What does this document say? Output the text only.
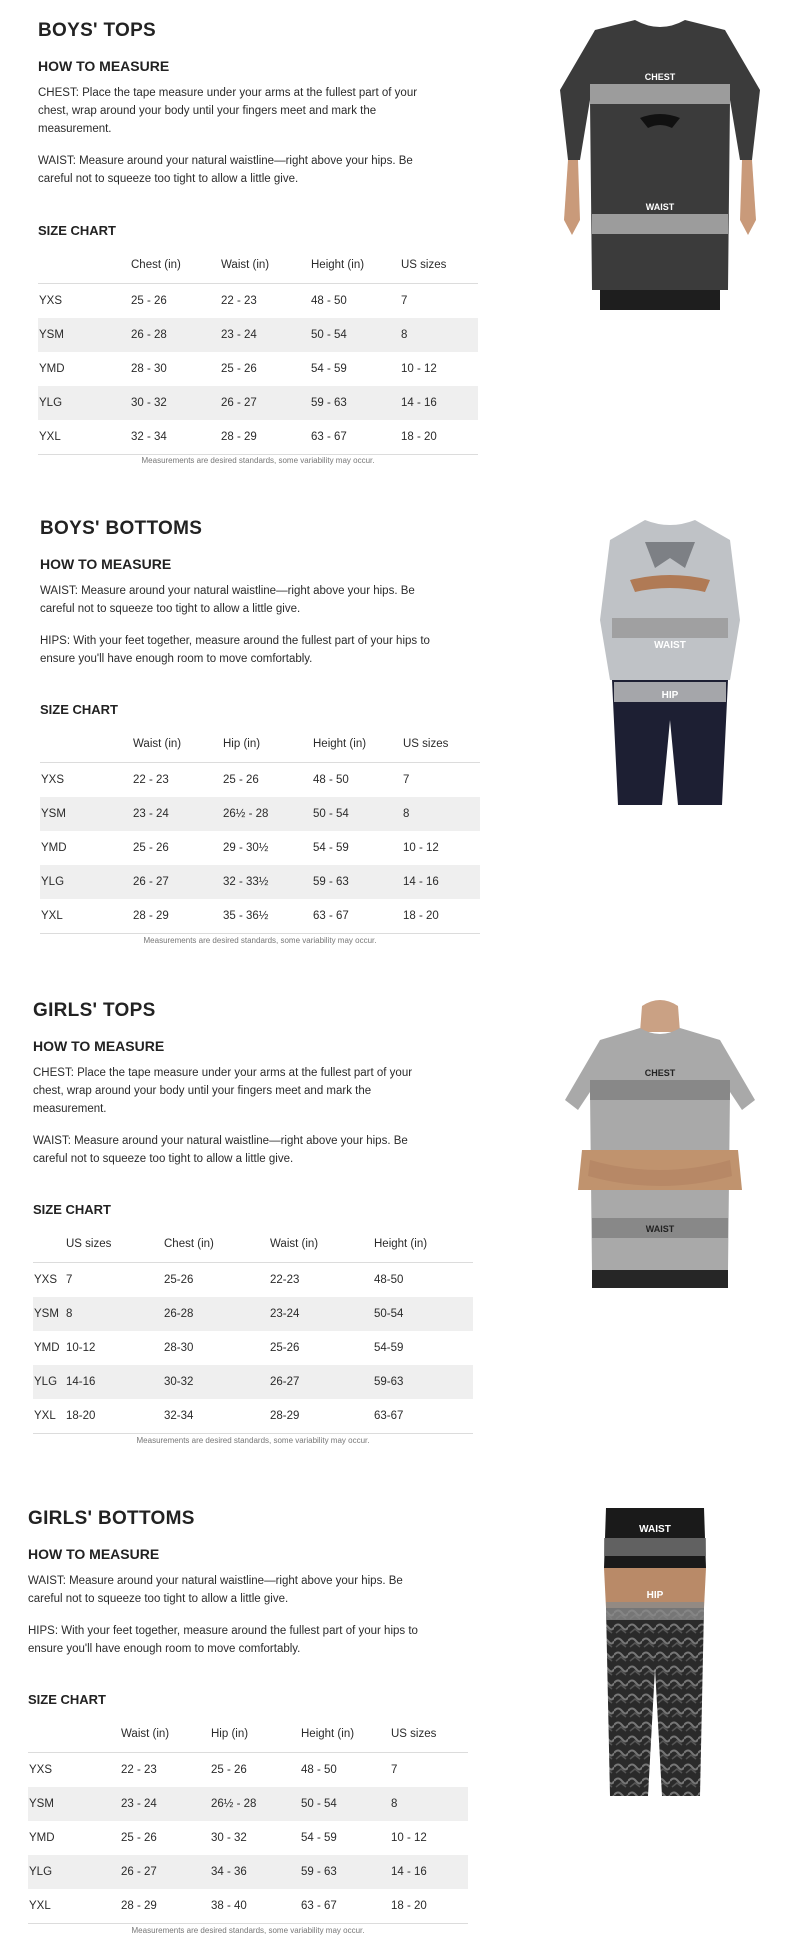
BOYS' TOPS
HOW TO MEASURE

CHEST: Place the tape measure under your arms at the fullest part of your chest, wrap around your body until your fingers meet and mark the measurement.

WAIST: Measure around your natural waistline—right above your hips. Be careful not to squeeze too tight to allow a little give.

SIZE CHART
	Chest (in)	Waist (in)	Height (in)	US sizes
YXS	25 - 26	22 - 23	48 - 50	7
YSM	26 - 28	23 - 24	50 - 54	8
YMD	28 - 30	25 - 26	54 - 59	10 - 12
YLG	30 - 32	26 - 27	59 - 63	14 - 16
YXL	32 - 34	28 - 29	63 - 67	18 - 20
Measurements are desired standards, some variability may occur.
CHEST
WAIST
BOYS' BOTTOMS
HOW TO MEASURE

WAIST: Measure around your natural waistline—right above your hips. Be careful not to squeeze too tight to allow a little give.

HIPS: With your feet together, measure around the fullest part of your hips to ensure you'll have enough room to move comfortably.

SIZE CHART
	Waist (in)	Hip (in)	Height (in)	US sizes
YXS	22 - 23	25 - 26	48 - 50	7
YSM	23 - 24	26½ - 28	50 - 54	8
YMD	25 - 26	29 - 30½	54 - 59	10 - 12
YLG	26 - 27	32 - 33½	59 - 63	14 - 16
YXL	28 - 29	35 - 36½	63 - 67	18 - 20
Measurements are desired standards, some variability may occur.
WAIST
HIP
GIRLS' TOPS
HOW TO MEASURE

CHEST: Place the tape measure under your arms at the fullest part of your chest, wrap around your body until your fingers meet and mark the measurement.

WAIST: Measure around your natural waistline—right above your hips. Be careful not to squeeze too tight to allow a little give.

SIZE CHART
	US sizes	Chest (in)	Waist (in)	Height (in)
YXS	7	25-26	22-23	48-50
YSM	8	26-28	23-24	50-54
YMD	10-12	28-30	25-26	54-59
YLG	14-16	30-32	26-27	59-63
YXL	18-20	32-34	28-29	63-67
Measurements are desired standards, some variability may occur.
CHEST
WAIST
GIRLS' BOTTOMS
HOW TO MEASURE

WAIST: Measure around your natural waistline—right above your hips. Be careful not to squeeze too tight to allow a little give.

HIPS: With your feet together, measure around the fullest part of your hips to ensure you'll have enough room to move comfortably.

SIZE CHART
	Waist (in)	Hip (in)	Height (in)	US sizes
YXS	22 - 23	25 - 26	48 - 50	7
YSM	23 - 24	26½ - 28	50 - 54	8
YMD	25 - 26	30 - 32	54 - 59	10 - 12
YLG	26 - 27	34 - 36	59 - 63	14 - 16
YXL	28 - 29	38 - 40	63 - 67	18 - 20
Measurements are desired standards, some variability may occur.
WAIST
HIP
